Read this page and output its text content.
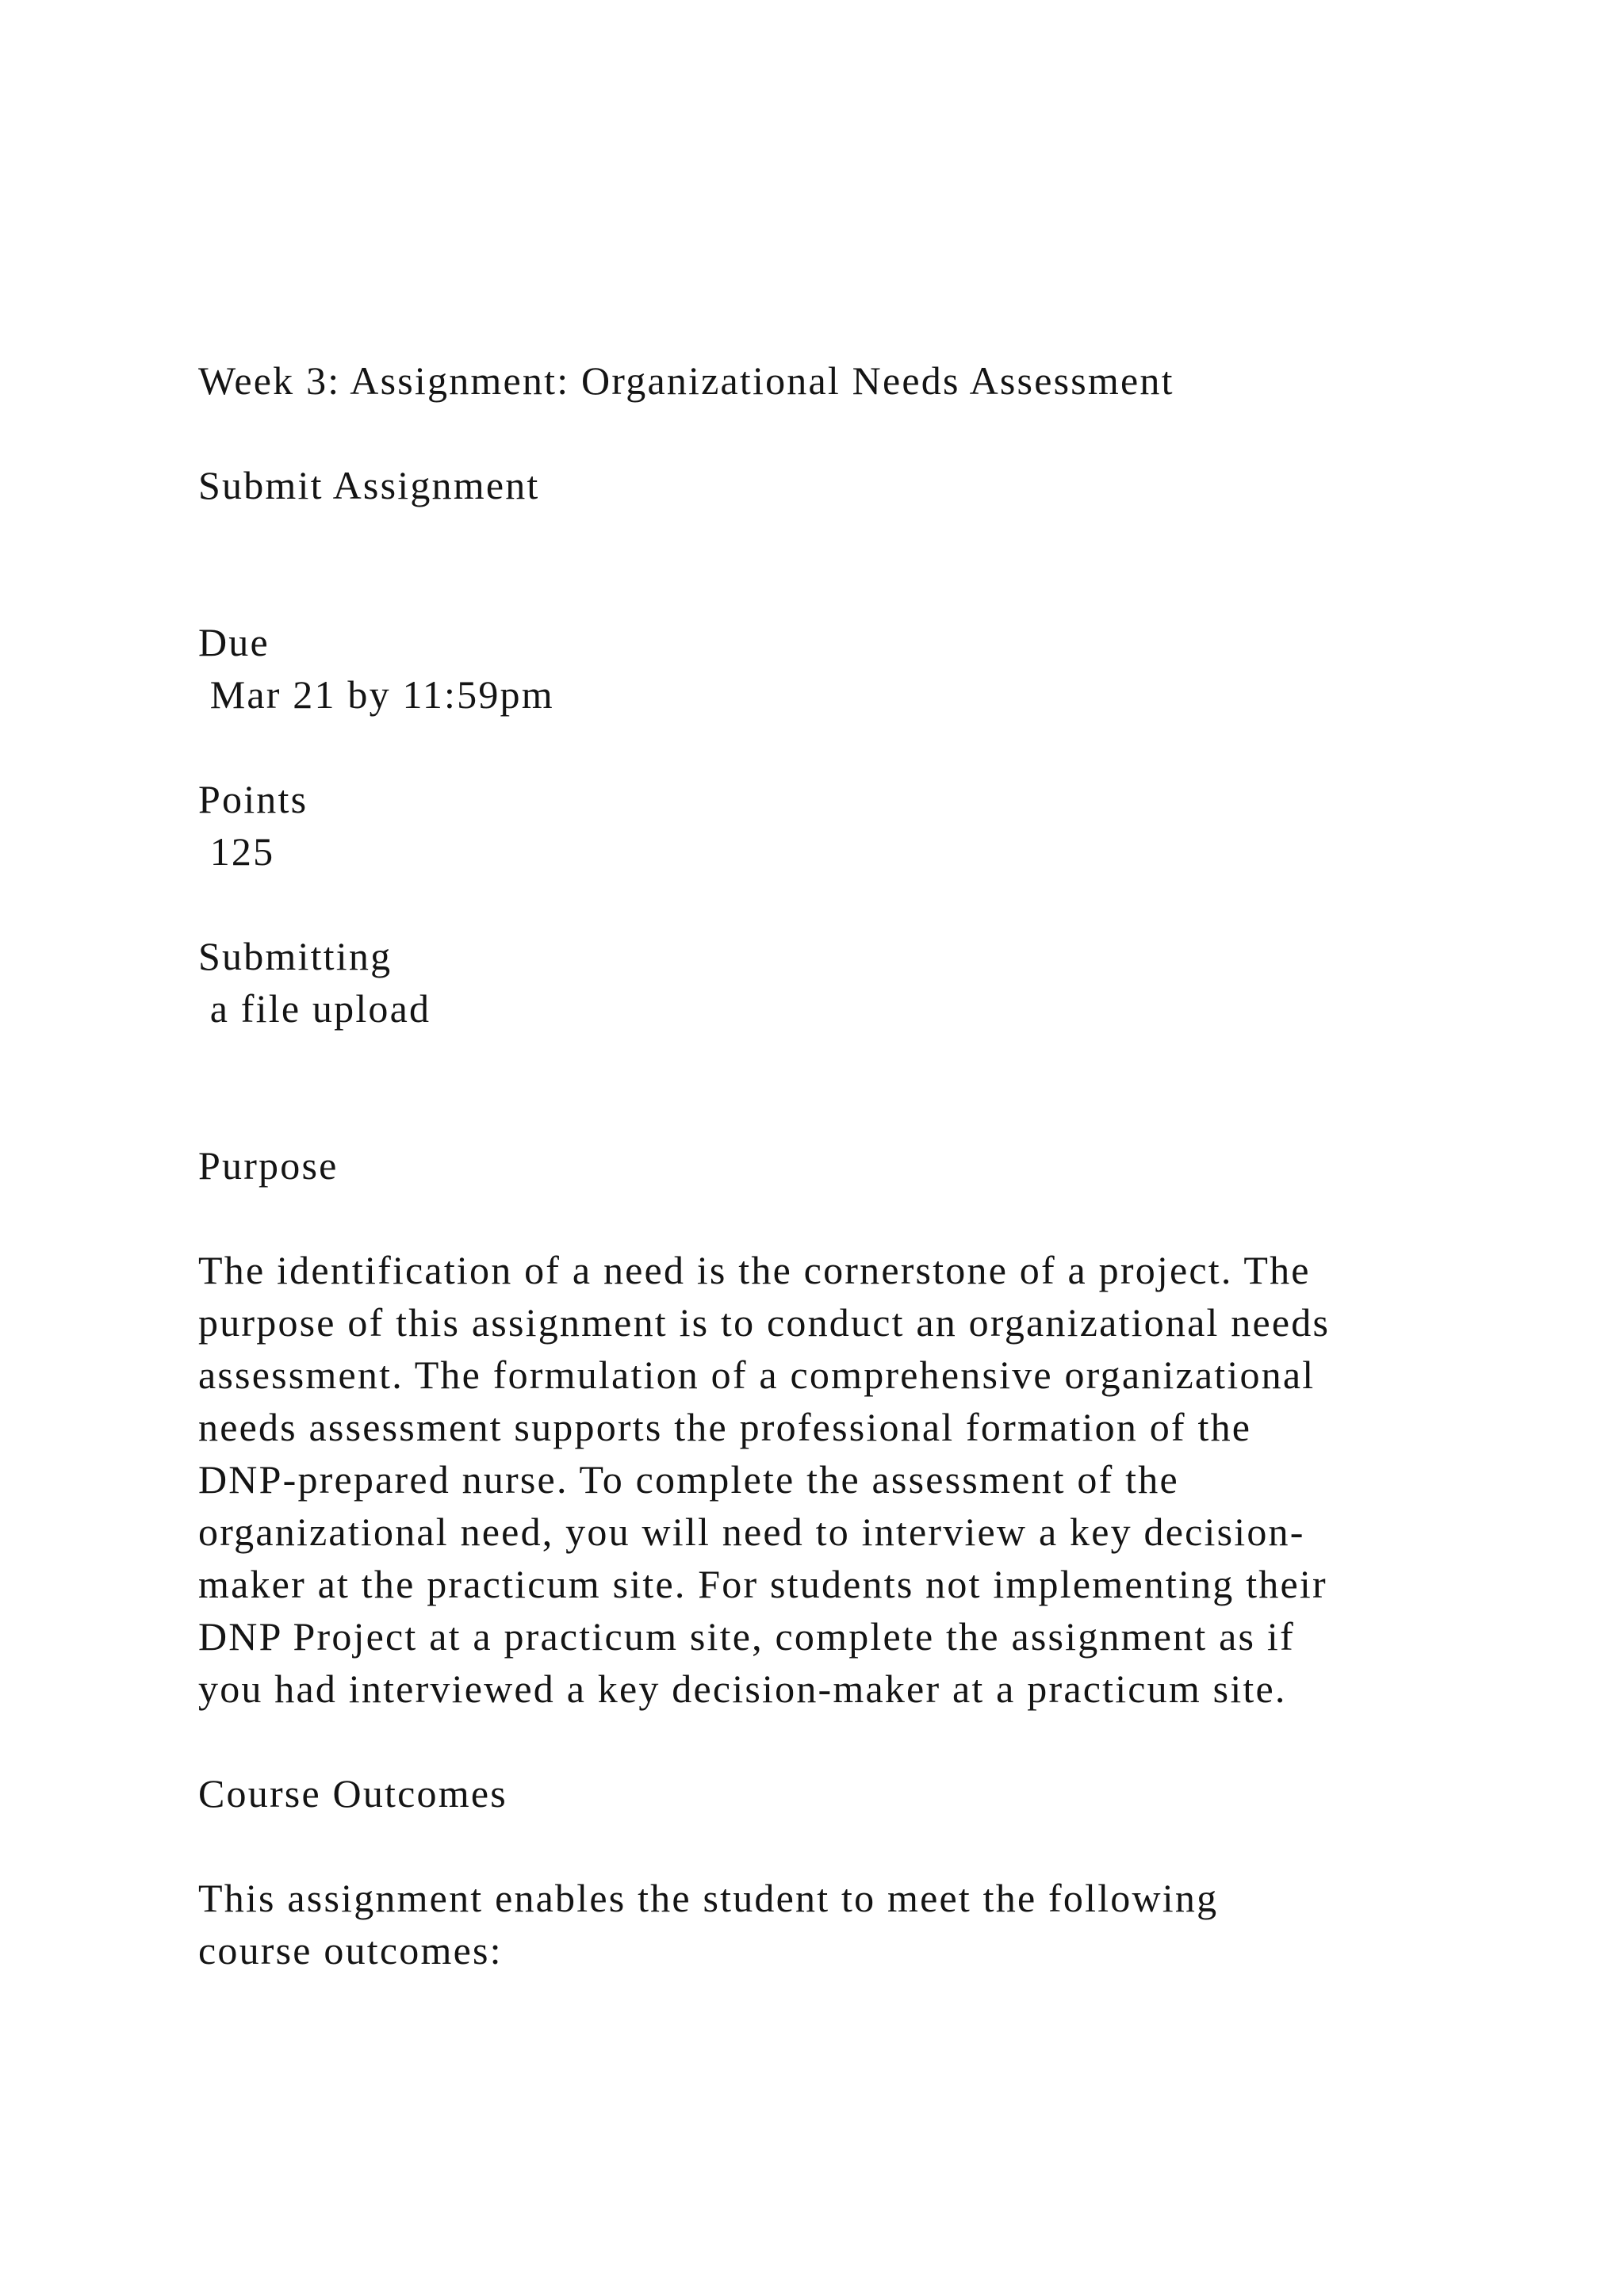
Week 3: Assignment: Organizational Needs Assessment

Submit Assignment

Due

Mar 21 by 11:59pm

Points

125

Submitting

a file upload

Purpose

The identification of a need is the cornerstone of a project. The
purpose of this assignment is to conduct an organizational needs
assessment. The formulation of a comprehensive organizational
needs assessment supports the professional formation of the
DNP-prepared nurse. To complete the assessment of the
organizational need, you will need to interview a key decision-
maker at the practicum site. For students not implementing their
DNP Project at a practicum site, complete the assignment as if
you had interviewed a key decision-maker at a practicum site.

Course Outcomes

This assignment enables the student to meet the following
course outcomes:
